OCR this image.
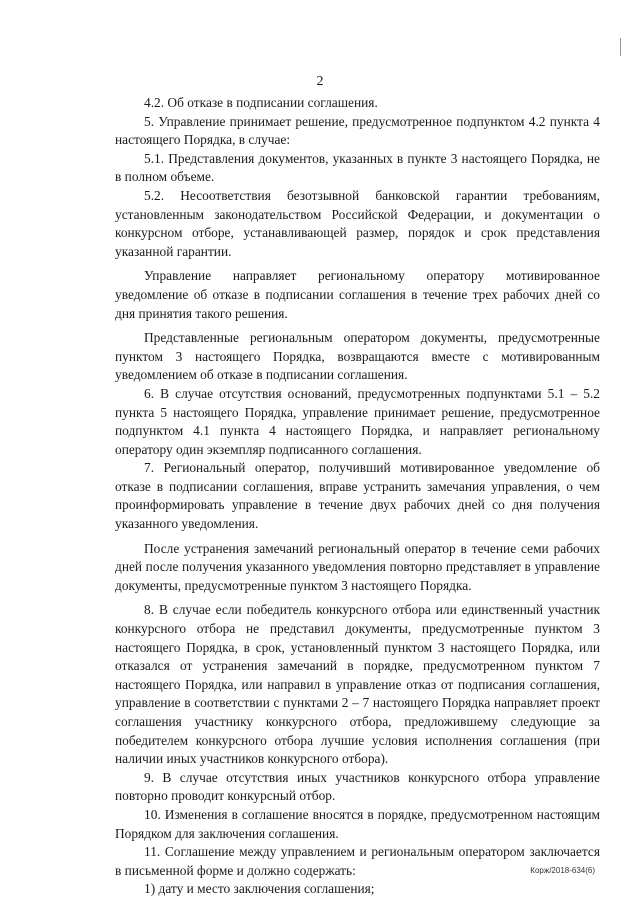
2

4.2. Об отказе в подписании соглашения.

5. Управление принимает решение, предусмотренное подпунктом 4.2 пункта 4 настоящего Порядка, в случае:

5.1. Представления документов, указанных в пункте 3 настоящего Порядка, не в полном объеме.

5.2. Несоответствия безотзывной банковской гарантии требованиям, установленным законодательством Российской Федерации, и документации о конкурсном отборе, устанавливающей размер, порядок и срок представления указанной гарантии.

Управление направляет региональному оператору мотивированное уведомление об отказе в подписании соглашения в течение трех рабочих дней со дня принятия такого решения.

Представленные региональным оператором документы, предусмотренные пунктом 3 настоящего Порядка, возвращаются вместе с мотивированным уведомлением об отказе в подписании соглашения.

6. В случае отсутствия оснований, предусмотренных подпунктами 5.1 – 5.2 пункта 5 настоящего Порядка, управление принимает решение, предусмотренное подпунктом 4.1 пункта 4 настоящего Порядка, и направляет региональному оператору один экземпляр подписанного соглашения.

7. Региональный оператор, получивший мотивированное уведомление об отказе в подписании соглашения, вправе устранить замечания управления, о чем проинформировать управление в течение двух рабочих дней со дня получения указанного уведомления.

После устранения замечаний региональный оператор в течение семи рабочих дней после получения указанного уведомления повторно представляет в управление документы, предусмотренные пунктом 3 настоящего Порядка.

8. В случае если победитель конкурсного отбора или единственный участник конкурсного отбора не представил документы, предусмотренные пунктом 3 настоящего Порядка, в срок, установленный пунктом 3 настоящего Порядка, или отказался от устранения замечаний в порядке, предусмотренном пунктом 7 настоящего Порядка, или направил в управление отказ от подписания соглашения, управление в соответствии с пунктами 2 – 7 настоящего Порядка направляет проект соглашения участнику конкурсного отбора, предложившему следующие за победителем конкурсного отбора лучшие условия исполнения соглашения (при наличии иных участников конкурсного отбора).

9. В случае отсутствия иных участников конкурсного отбора управление повторно проводит конкурсный отбор.

10. Изменения в соглашение вносятся в порядке, предусмотренном настоящим Порядком для заключения соглашения.

11. Соглашение между управлением и региональным оператором заключается в письменной форме и должно содержать:

1) дату и место заключения соглашения;

Корж/2018-634(6)
